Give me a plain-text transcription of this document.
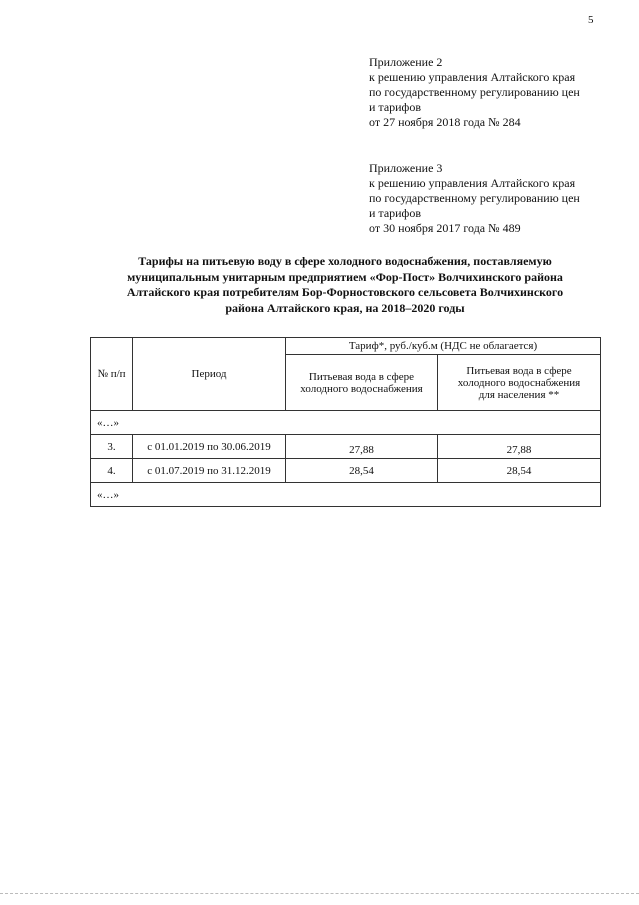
5
Приложение 2
к решению управления Алтайского края
по государственному регулированию цен
и тарифов
от 27 ноября 2018 года № 284
Приложение 3
к решению управления Алтайского края
по государственному регулированию цен
и тарифов
от 30 ноября 2017 года № 489
Тарифы на питьевую воду в сфере холодного водоснабжения, поставляемую
муниципальным унитарным предприятием «Фор-Пост» Волчихинского района
Алтайского края потребителям Бор-Форностовского сельсовета Волчихинского
района Алтайского края, на 2018–2020 годы
№ п/п	Период	Тариф*, руб./куб.м (НДС не облагается)	
		Питьевая вода в сфере холодного водоснабжения	Питьевая вода в сфере
холодного водоснабжения
для населения **

«…»			
3.	с 01.01.2019 по 30.06.2019	27,88	27,88
4.	с 01.07.2019 по 31.12.2019	28,54	28,54
«…»			
